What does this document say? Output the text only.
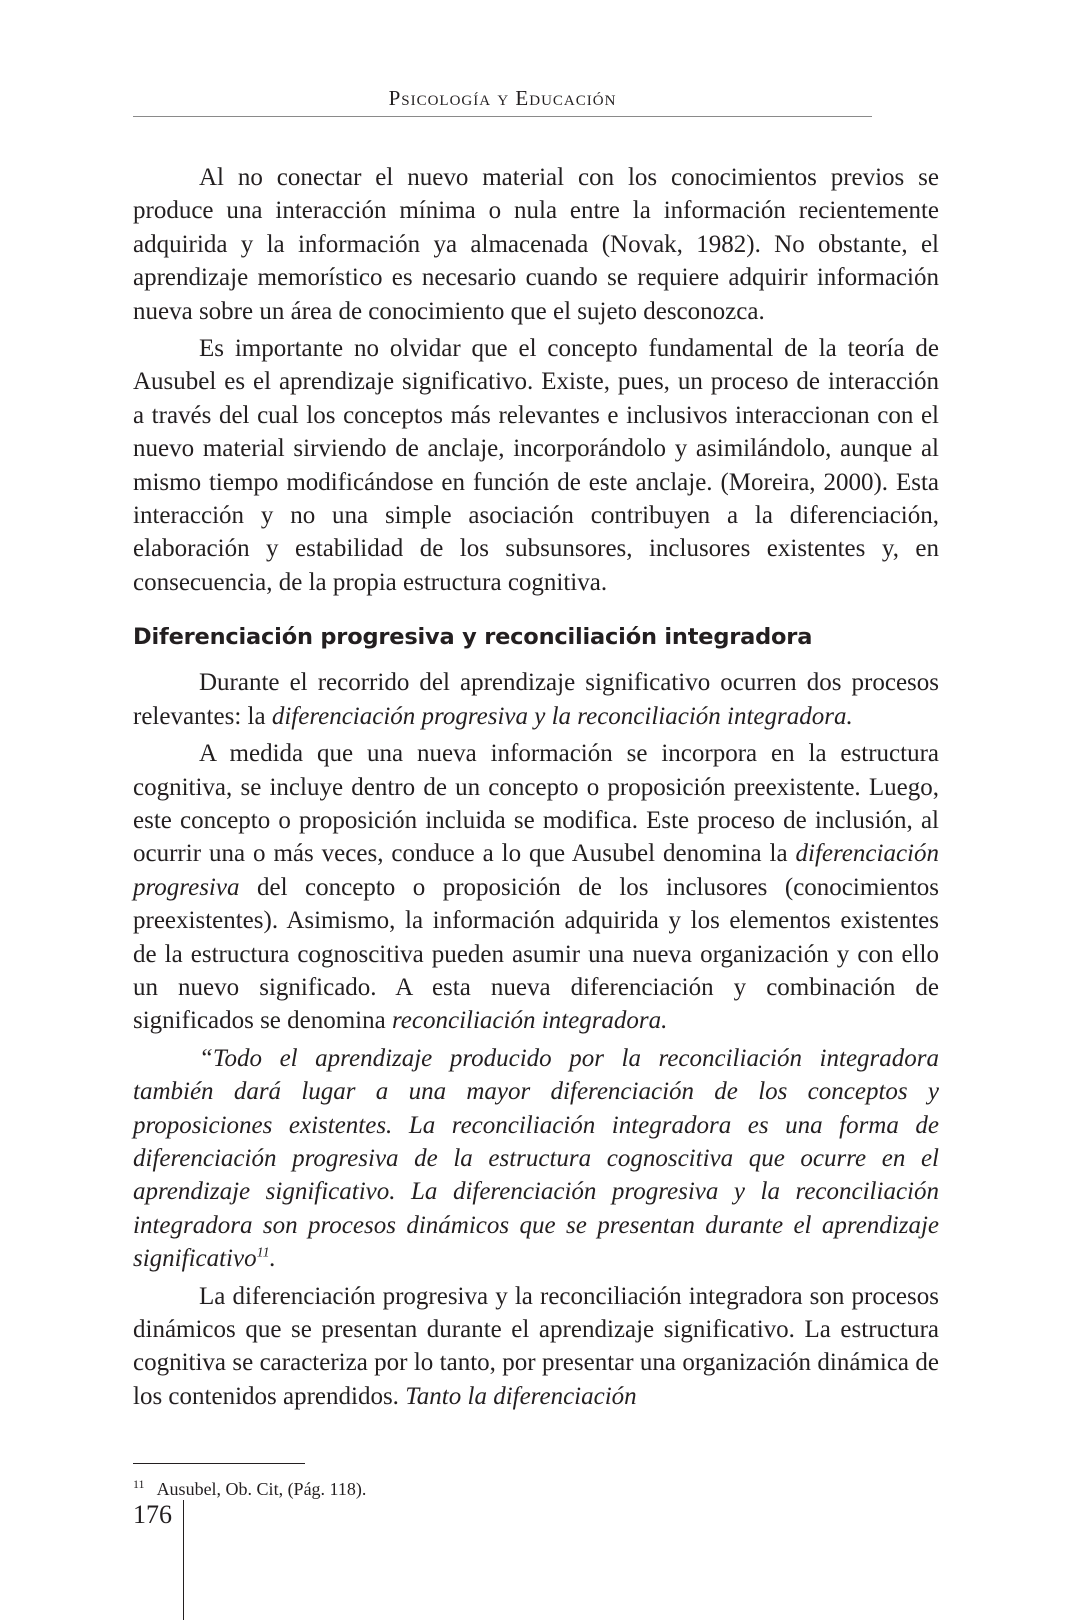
Psicología y Educación

Al no conectar el nuevo material con los conocimientos previos se produce una interacción mínima o nula entre la información recientemente adquirida y la información ya almacenada (Novak, 1982). No obstante, el aprendizaje memorístico es necesario cuando se requiere adquirir información nueva sobre un área de conocimiento que el sujeto desconozca.

Es importante no olvidar que el concepto fundamental de la teoría de Ausubel es el aprendizaje significativo. Existe, pues, un proceso de interacción a través del cual los conceptos más relevantes e inclusivos interaccionan con el nuevo material sirviendo de anclaje, incorporándolo y asimilándolo, aunque al mismo tiempo modificándose en función de este anclaje. (Moreira, 2000). Esta interacción y no una simple asociación contribuyen a la diferenciación, elaboración y estabilidad de los subsunsores, inclusores existentes y, en consecuencia, de la propia estructura cognitiva.

Diferenciación progresiva y reconciliación integradora

Durante el recorrido del aprendizaje significativo ocurren dos procesos relevantes: la diferenciación progresiva y la reconciliación integradora.

A medida que una nueva información se incorpora en la estructura cognitiva, se incluye dentro de un concepto o proposición preexistente. Luego, este concepto o proposición incluida se modifica. Este proceso de inclusión, al ocurrir una o más veces, conduce a lo que Ausubel denomina la diferenciación progresiva del concepto o proposición de los inclusores (conocimientos preexistentes). Asimismo, la información adquirida y los elementos existentes de la estructura cognoscitiva pueden asumir una nueva organización y con ello un nuevo significado. A esta nueva diferenciación y combinación de significados se denomina reconciliación integradora.

“Todo el aprendizaje producido por la reconciliación integradora también dará lugar a una mayor diferenciación de los conceptos y proposiciones existentes. La reconciliación integradora es una forma de diferenciación progresiva de la estructura cognoscitiva que ocurre en el aprendizaje significativo. La diferenciación progresiva y la reconciliación integradora son procesos dinámicos que se presentan durante el aprendizaje significativo$^{11}$.

La diferenciación progresiva y la reconciliación integradora son procesos dinámicos que se presentan durante el aprendizaje significativo. La estructura cognitiva se caracteriza por lo tanto, por presentar una organización dinámica de los contenidos aprendidos. Tanto la diferenciación

$^{11}$ Ausubel, Ob. Cit, (Pág. 118).
176
